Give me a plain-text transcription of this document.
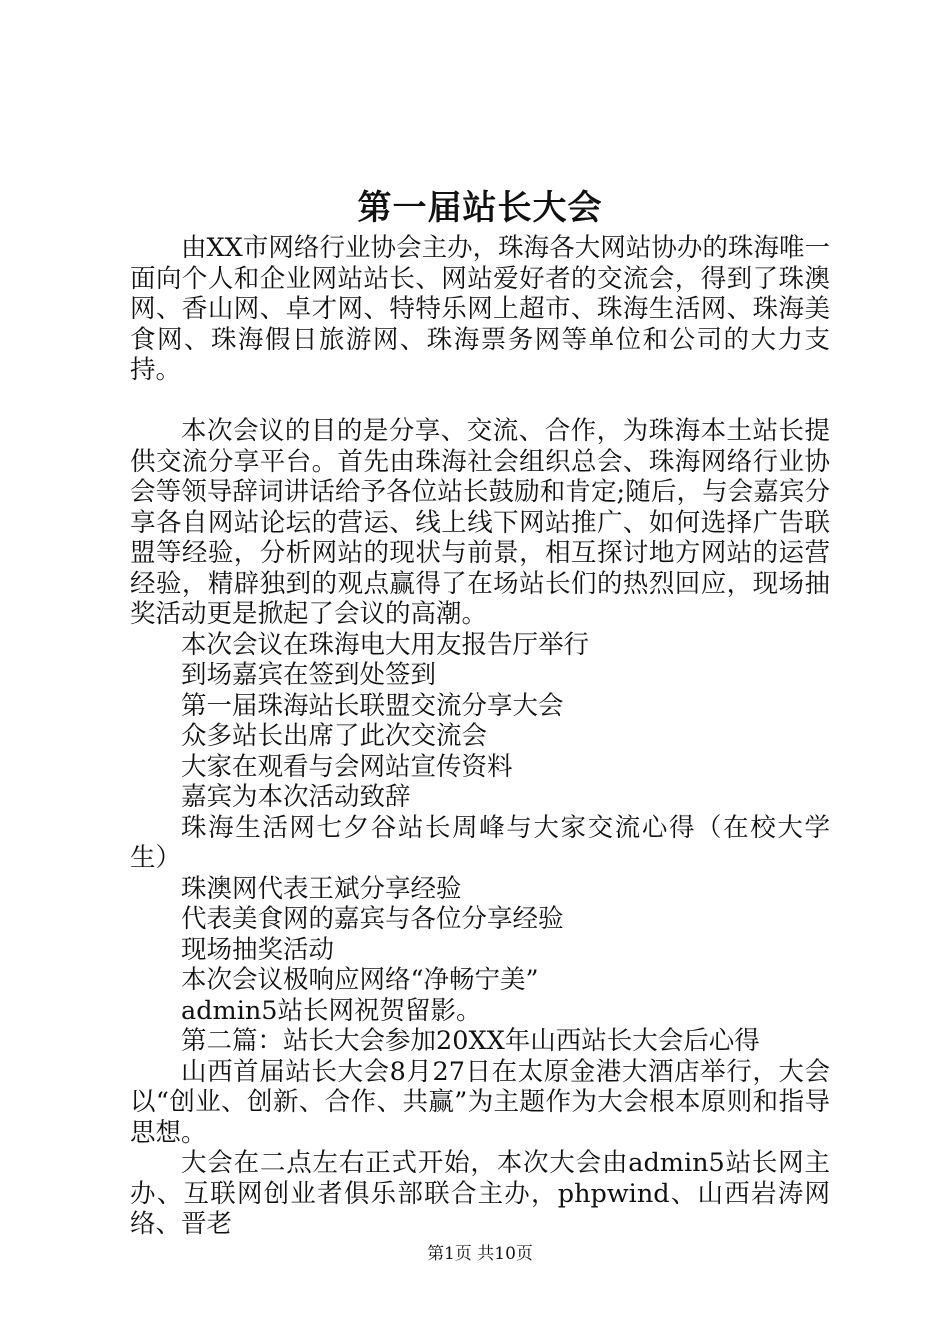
第一届站长大会

由XX市网络行业协会主办，珠海各大网站协办的珠海唯一面向个人和企业网站站长、网站爱好者的交流会，得到了珠澳网、香山网、卓才网、特特乐网上超市、珠海生活网、珠海美食网、珠海假日旅游网、珠海票务网等单位和公司的大力支持。

本次会议的目的是分享、交流、合作，为珠海本土站长提供交流分享平台。首先由珠海社会组织总会、珠海网络行业协会等领导辞词讲话给予各位站长鼓励和肯定;随后，与会嘉宾分享各自网站论坛的营运、线上线下网站推广、如何选择广告联盟等经验，分析网站的现状与前景，相互探讨地方网站的运营经验，精辟独到的观点赢得了在场站长们的热烈回应，现场抽奖活动更是掀起了会议的高潮。

本次会议在珠海电大用友报告厅举行

到场嘉宾在签到处签到

第一届珠海站长联盟交流分享大会

众多站长出席了此次交流会

大家在观看与会网站宣传资料

嘉宾为本次活动致辞

珠海生活网七夕谷站长周峰与大家交流心得（在校大学生）

珠澳网代表王斌分享经验

代表美食网的嘉宾与各位分享经验

现场抽奖活动

本次会议极响应网络“净畅宁美”

admin5站长网祝贺留影。

第二篇：站长大会参加20XX年山西站长大会后心得

山西首届站长大会8月27日在太原金港大酒店举行，大会以“创业、创新、合作、共赢”为主题作为大会根本原则和指导思想。

大会在二点左右正式开始，本次大会由admin5站长网主办、互联网创业者俱乐部联合主办，phpwind、山西岩涛网络、晋老

第1页 共10页
